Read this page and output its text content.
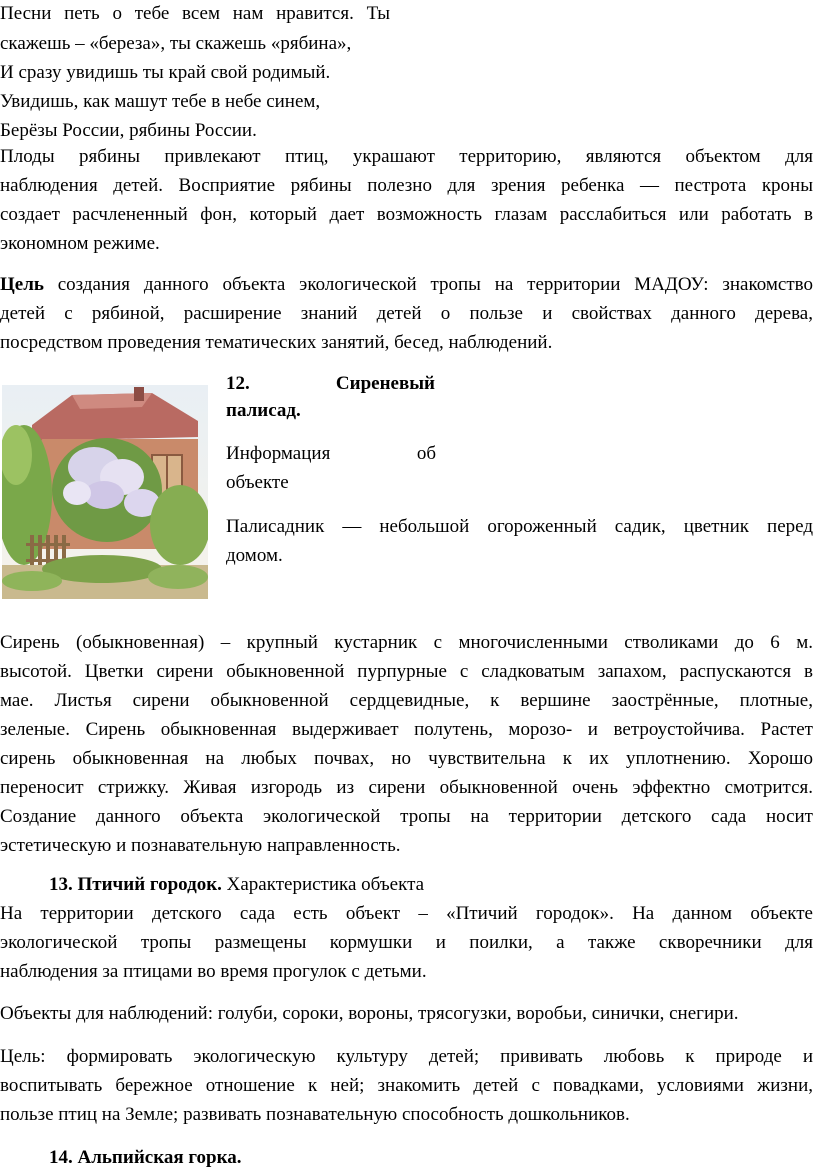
Песни петь о тебе всем нам нравится. Ты
скажешь – «береза», ты скажешь «рябина»,
И сразу увидишь ты край свой родимый.
Увидишь, как машут тебе в небе синем,
Берёзы России, рябины России.
Плоды рябины привлекают птиц, украшают территорию, являются объектом для
наблюдения детей. Восприятие рябины полезно для зрения ребенка — пестрота кроны
создает расчлененный фон, который дает возможность глазам расслабиться или работать в
экономном режиме.
Цель создания данного объекта экологической тропы на территории МАДОУ: знакомство
детей с рябиной, расширение знаний детей о пользе и свойствах данного дерева,
посредством проведения тематических занятий, бесед, наблюдений.
12.	Сиреневый
палисад.
Информация	об
объекте
Палисадник — небольшой огороженный садик, цветник перед
домом.
Сирень (обыкновенная) – крупный кустарник с многочисленными стволиками до 6 м.
высотой. Цветки сирени обыкновенной пурпурные с сладковатым запахом, распускаются в
мае. Листья сирени обыкновенной сердцевидные, к вершине заострённые, плотные,
зеленые. Сирень обыкновенная выдерживает полутень, морозо- и ветроустойчива. Растет
сирень обыкновенная на любых почвах, но чувствительна к их уплотнению. Хорошо
переносит стрижку. Живая изгородь из сирени обыкновенной очень эффектно смотрится.
Создание данного объекта экологической тропы на территории детского сада носит
эстетическую и познавательную направленность.
13. Птичий городок. Характеристика объекта
На территории детского сада есть объект – «Птичий городок». На данном объекте
экологической тропы размещены кормушки и поилки, а также скворечники для
наблюдения за птицами во время прогулок с детьми.
Объекты для наблюдений: голуби, сороки, вороны, трясогузки, воробьи, синички, снегири.
Цель: формировать экологическую культуру детей; прививать любовь к природе и
воспитывать бережное отношение к ней; знакомить детей с повадками, условиями жизни,
пользе птиц на Земле; развивать познавательную способность дошкольников.
14. Альпийская горка.
